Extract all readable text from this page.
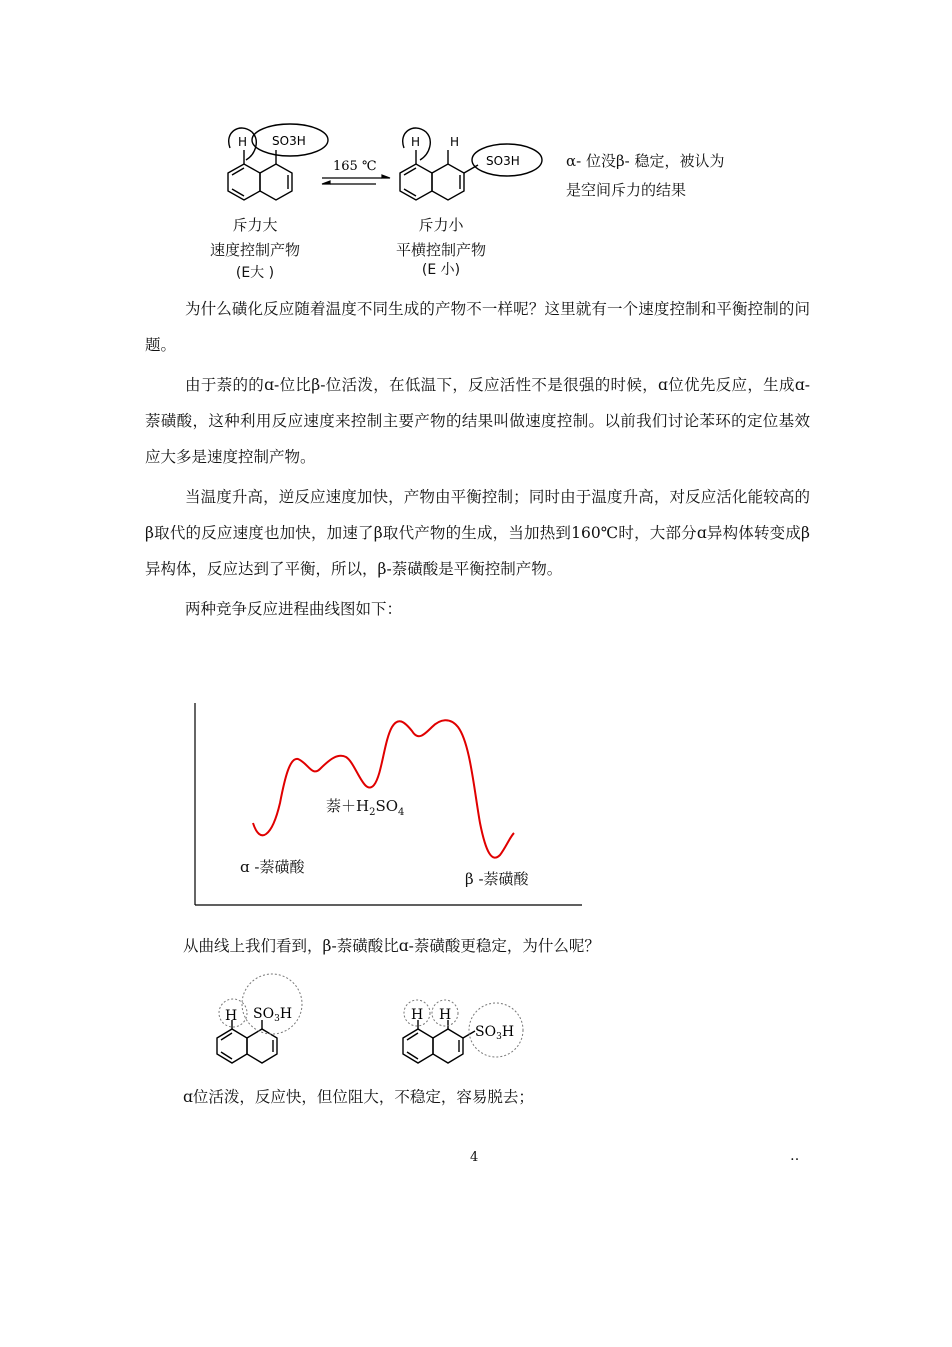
H SO3H
165 ℃
H H
SO3H
斥力大
速度控制产物
(E大 )
斥力小
平横控制产物
(E 小)
α- 位没β- 稳定，被认为
是空间斥力的结果
为什么磺化反应随着温度不同生成的产物不一样呢？这里就有一个速度控制和平衡控制的问题。
由于萘的的ɑ-位比β-位活泼，在低温下，反应活性不是很强的时候，ɑ位优先反应，生成ɑ-萘磺酸，这种利用反应速度来控制主要产物的结果叫做速度控制。以前我们讨论苯环的定位基效应大多是速度控制产物。
当温度升高，逆反应速度加快，产物由平衡控制；同时由于温度升高，对反应活化能较高的β取代的反应速度也加快，加速了β取代产物的生成，当加热到160℃时，大部分ɑ异构体转变成β异构体，反应达到了平衡，所以，β-萘磺酸是平衡控制产物。
两种竞争反应进程曲线图如下：
萘$+H_2SO_4$
ɑ -萘磺酸
β -萘磺酸
从曲线上我们看到，β-萘磺酸比ɑ-萘磺酸更稳定，为什么呢？
H $SO_3H$	H H
$SO_3H$
ɑ位活泼，反应快，但位阻大，不稳定，容易脱去；
4	‥
